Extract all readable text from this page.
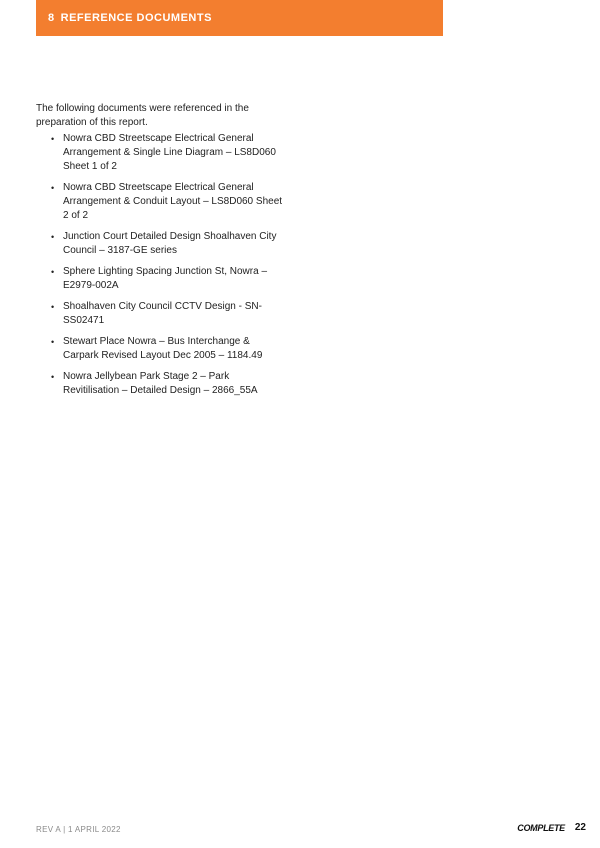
8 REFERENCE DOCUMENTS

The following documents were referenced in the preparation of this report.

• Nowra CBD Streetscape Electrical General Arrangement & Single Line Diagram – LS8D060 Sheet 1 of 2
• Nowra CBD Streetscape Electrical General Arrangement & Conduit Layout – LS8D060 Sheet 2 of 2
• Junction Court Detailed Design Shoalhaven City Council – 3187-GE series
• Sphere Lighting Spacing Junction St, Nowra – E2979-002A
• Shoalhaven City Council CCTV Design - SN-SS02471
• Stewart Place Nowra – Bus Interchange & Carpark Revised Layout Dec 2005 – 1184.49
• Nowra Jellybean Park Stage 2 – Park Revitilisation – Detailed Design – 2866_55A
REV A | 1 APRIL 2022	COMPLETE 22
